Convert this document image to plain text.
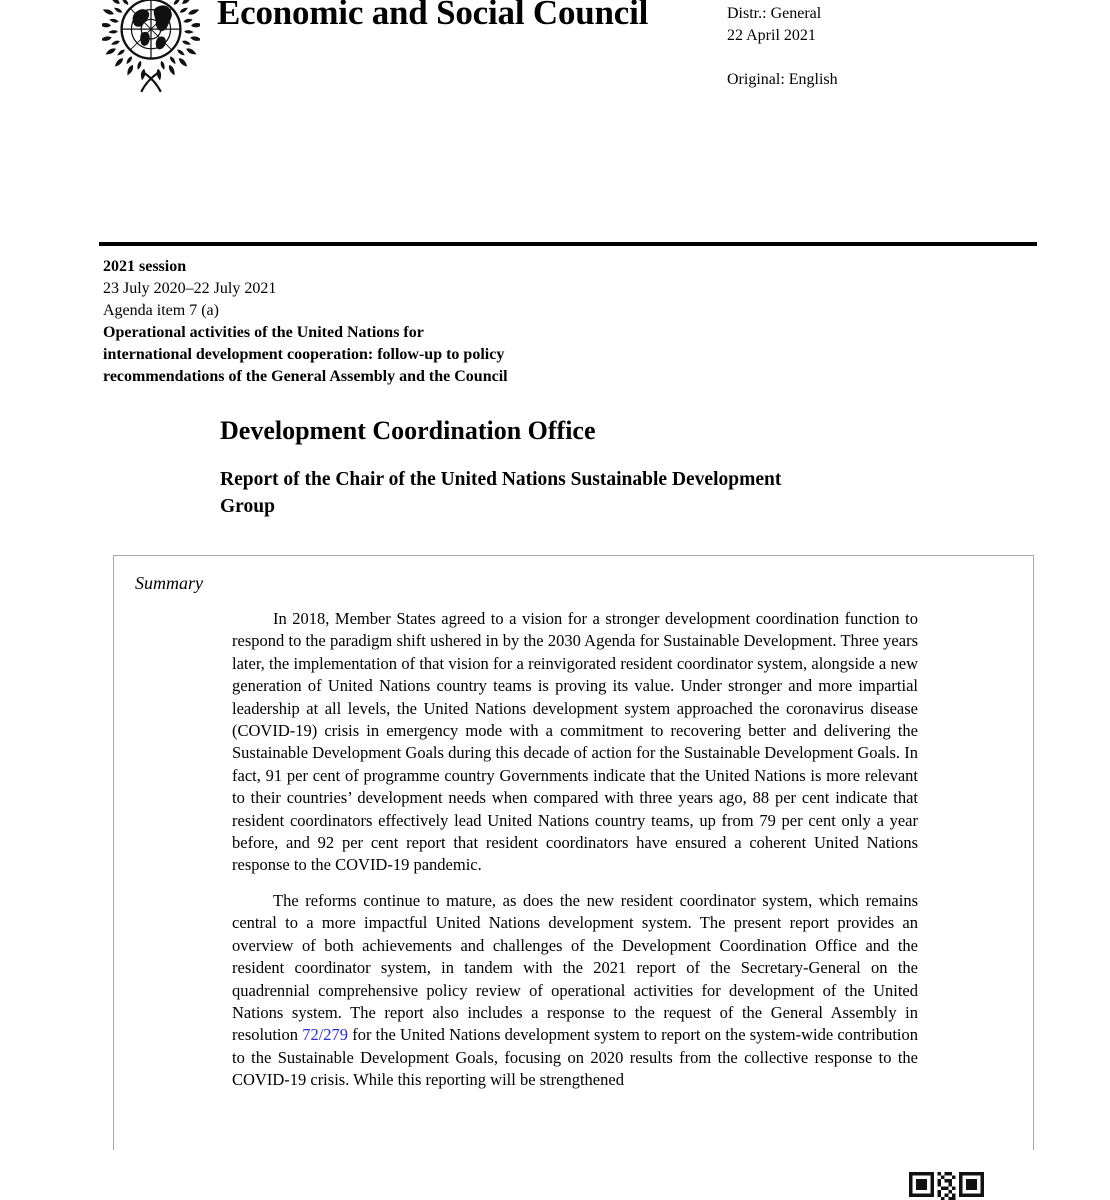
Economic and Social Council	Distr.: General
22 April 2021
Original: English
2021 session
23 July 2020–22 July 2021
Agenda item 7 (a)
Operational activities of the United Nations for
international development cooperation: follow-up to policy
recommendations of the General Assembly and the Council
Development Coordination Office
Report of the Chair of the United Nations Sustainable Development Group
Summary

In 2018, Member States agreed to a vision for a stronger development coordination function to respond to the paradigm shift ushered in by the 2030 Agenda for Sustainable Development. Three years later, the implementation of that vision for a reinvigorated resident coordinator system, alongside a new generation of United Nations country teams is proving its value. Under stronger and more impartial leadership at all levels, the United Nations development system approached the coronavirus disease (COVID-19) crisis in emergency mode with a commitment to recovering better and delivering the Sustainable Development Goals during this decade of action for the Sustainable Development Goals. In fact, 91 per cent of programme country Governments indicate that the United Nations is more relevant to their countries’ development needs when compared with three years ago, 88 per cent indicate that resident coordinators effectively lead United Nations country teams, up from 79 per cent only a year before, and 92 per cent report that resident coordinators have ensured a coherent United Nations response to the COVID-19 pandemic.

The reforms continue to mature, as does the new resident coordinator system, which remains central to a more impactful United Nations development system. The present report provides an overview of both achievements and challenges of the Development Coordination Office and the resident coordinator system, in tandem with the 2021 report of the Secretary-General on the quadrennial comprehensive policy review of operational activities for development of the United Nations system. The report also includes a response to the request of the General Assembly in resolution 72/279 for the United Nations development system to report on the system-wide contribution to the Sustainable Development Goals, focusing on 2020 results from the collective response to the COVID-19 crisis. While this reporting will be strengthened
